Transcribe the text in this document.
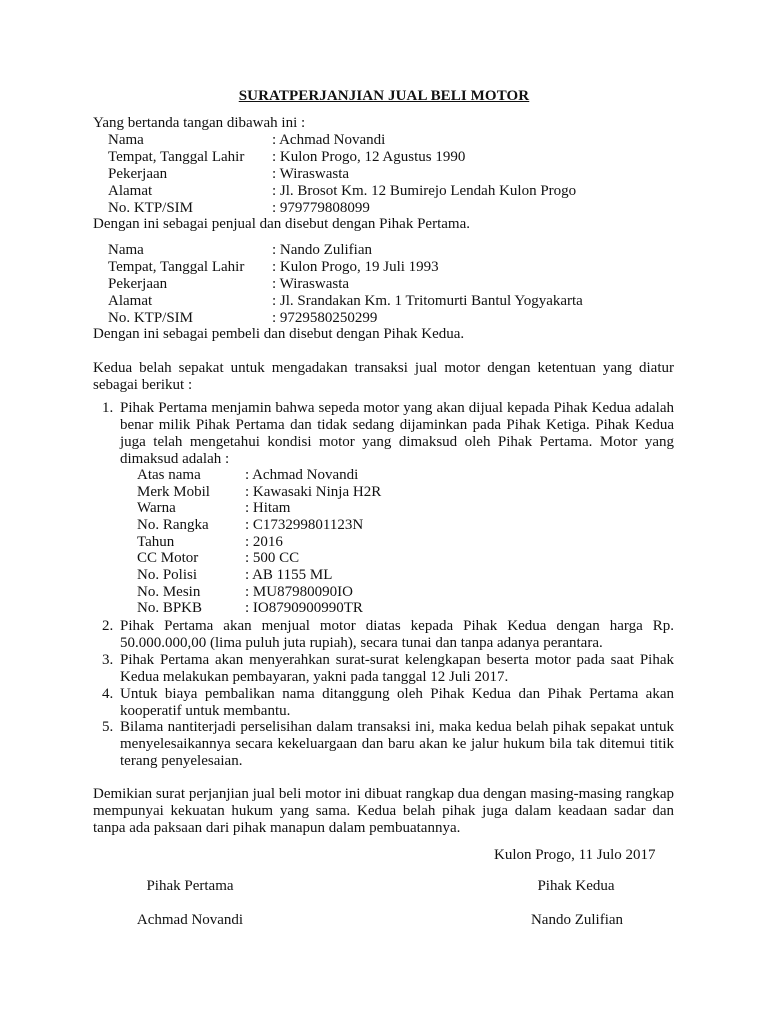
SURATPERJANJIAN JUAL BELI MOTOR
Yang bertanda tangan dibawah ini :
Nama	: Achmad Novandi
Tempat, Tanggal Lahir : Kulon Progo, 12 Agustus 1990
Pekerjaan	: Wiraswasta
Alamat	: Jl. Brosot Km. 12 Bumirejo Lendah Kulon Progo
No. KTP/SIM	: 979779808099
Dengan ini sebagai penjual dan disebut dengan Pihak Pertama.
Nama	: Nando Zulifian
Tempat, Tanggal Lahir : Kulon Progo, 19 Juli 1993
Pekerjaan	: Wiraswasta
Alamat	: Jl. Srandakan Km. 1 Tritomurti Bantul Yogyakarta
No. KTP/SIM	: 9729580250299
Dengan ini sebagai pembeli dan disebut dengan Pihak Kedua.
Kedua belah sepakat untuk mengadakan transaksi jual motor dengan ketentuan yang diatur sebagai berikut :
1. Pihak Pertama menjamin bahwa sepeda motor yang akan dijual kepada Pihak Kedua adalah benar milik Pihak Pertama dan tidak sedang dijaminkan pada Pihak Ketiga. Pihak Kedua juga telah mengetahui kondisi motor yang dimaksud oleh Pihak Pertama. Motor yang dimaksud adalah :
Atas nama	: Achmad Novandi
Merk Mobil : Kawasaki Ninja H2R
Warna	: Hitam
No. Rangka : C173299801123N
Tahun	: 2016
CC Motor	: 500 CC
No. Polisi	: AB 1155 ML
No. Mesin	: MU87980090IO
No. BPKB	: IO8790900990TR
2. Pihak Pertama akan menjual motor diatas kepada Pihak Kedua dengan harga Rp. 50.000.000,00 (lima puluh juta rupiah), secara tunai dan tanpa adanya perantara.
3. Pihak Pertama akan menyerahkan surat-surat kelengkapan beserta motor pada saat Pihak Kedua melakukan pembayaran, yakni pada tanggal 12 Juli 2017.
4. Untuk biaya pembalikan nama ditanggung oleh Pihak Kedua dan Pihak Pertama akan kooperatif untuk membantu.
5. Bilama nantiterjadi perselisihan dalam transaksi ini, maka kedua belah pihak sepakat untuk menyelesaikannya secara kekeluargaan dan baru akan ke jalur hukum bila tak ditemui titik terang penyelesaian.
Demikian surat perjanjian jual beli motor ini dibuat rangkap dua dengan masing-masing rangkap mempunyai kekuatan hukum yang sama. Kedua belah pihak juga dalam keadaan sadar dan tanpa ada paksaan dari pihak manapun dalam pembuatannya.
Kulon Progo, 11 Julo 2017
Pihak Pertama	Pihak Kedua
Achmad Novandi	Nando Zulifian
